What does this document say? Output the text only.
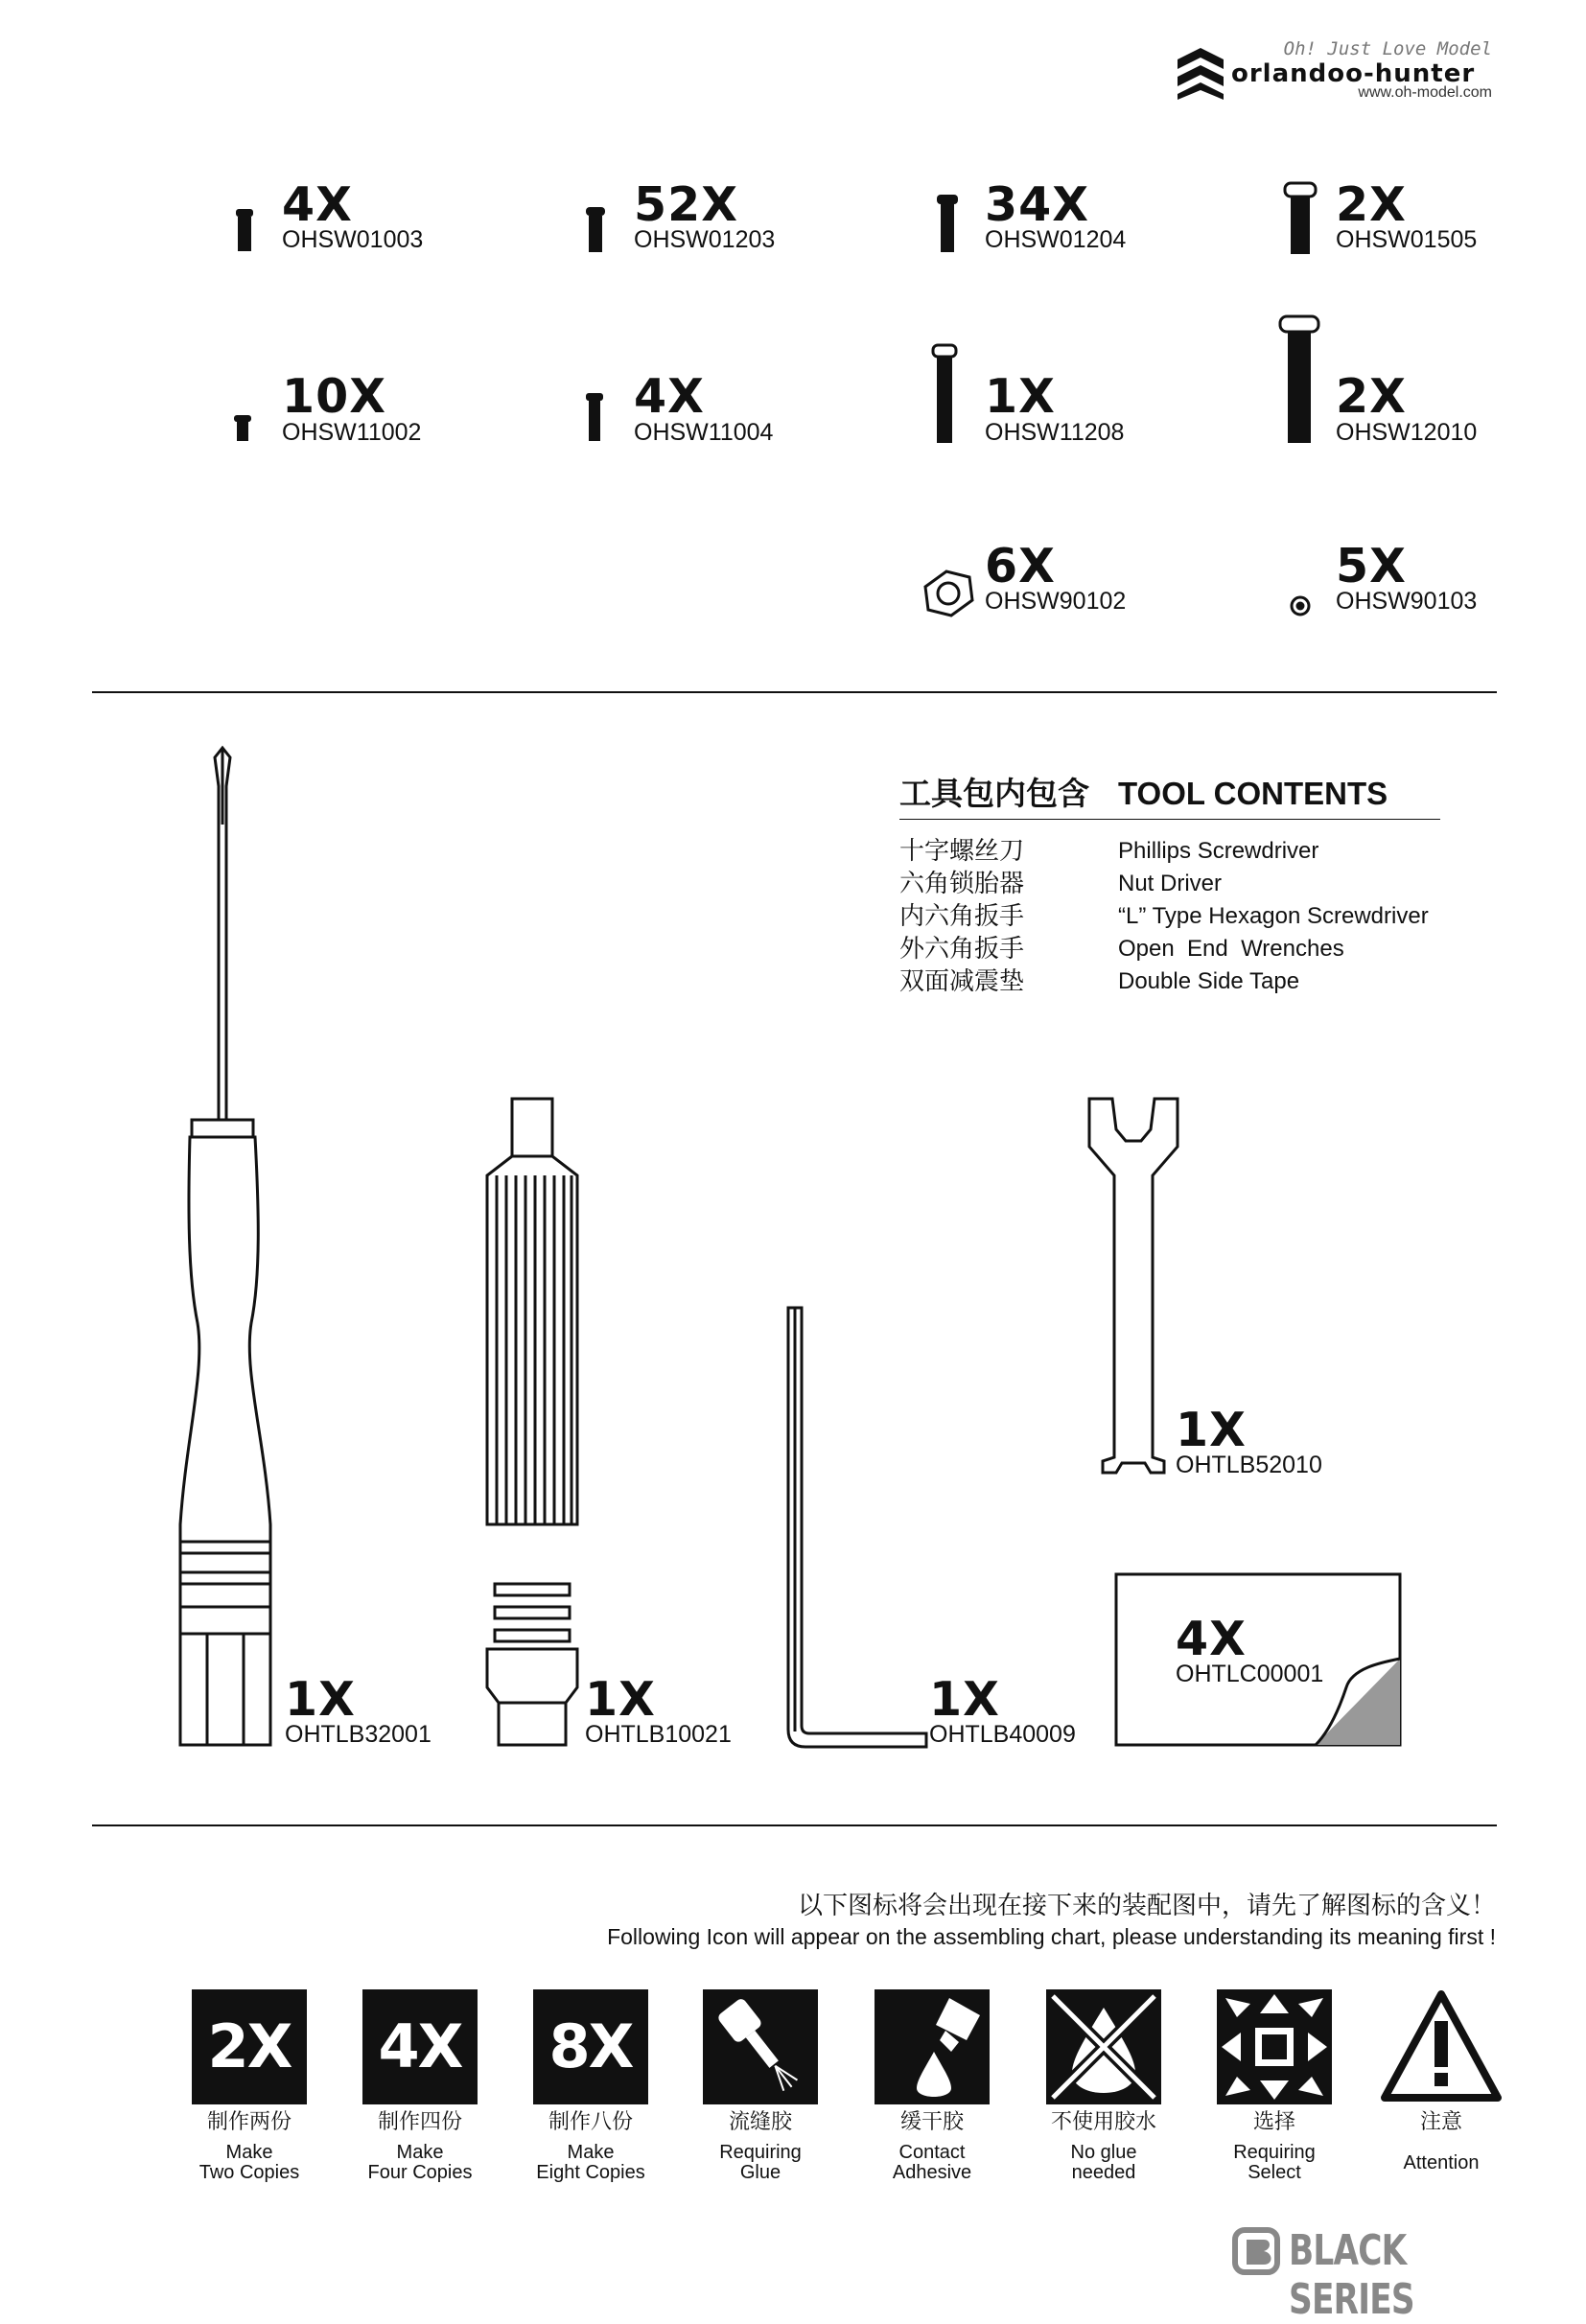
Oh! Just Love Model
orlandoo-hunter
www.oh-model.com
4X
OHSW01003
52X
OHSW01203
34X
OHSW01204
2X
OHSW01505
10X
OHSW11002
4X
OHSW11004
1X
OHSW11208
2X
OHSW12010
6X
OHSW90102
5X
OHSW90103
工具包内包含 TOOL CONTENTS
十字螺丝刀	Phillips Screwdriver
六角锁胎器	Nut Driver
内六角扳手	“L” Type Hexagon Screwdriver
外六角扳手	Open  End  Wrenches
双面减震垫	Double Side Tape
1X
OHTLB32001
1X
OHTLB10021
1X
OHTLB40009
1X
OHTLB52010
4X
OHTLC00001
以下图标将会出现在接下来的装配图中，请先了解图标的含义！
Following Icon will appear on the assembling chart, please understanding its meaning first !
2X 4X 8X
制作两份
Make
Two Copies
制作四份
Make
Four Copies
制作八份
Make
Eight Copies
流缝胶
Requiring
Glue
缓干胶
Contact
Adhesive
不使用胶水
No glue
needed
选择
Requiring
Select
注意
Attention
BLACK SERIES
